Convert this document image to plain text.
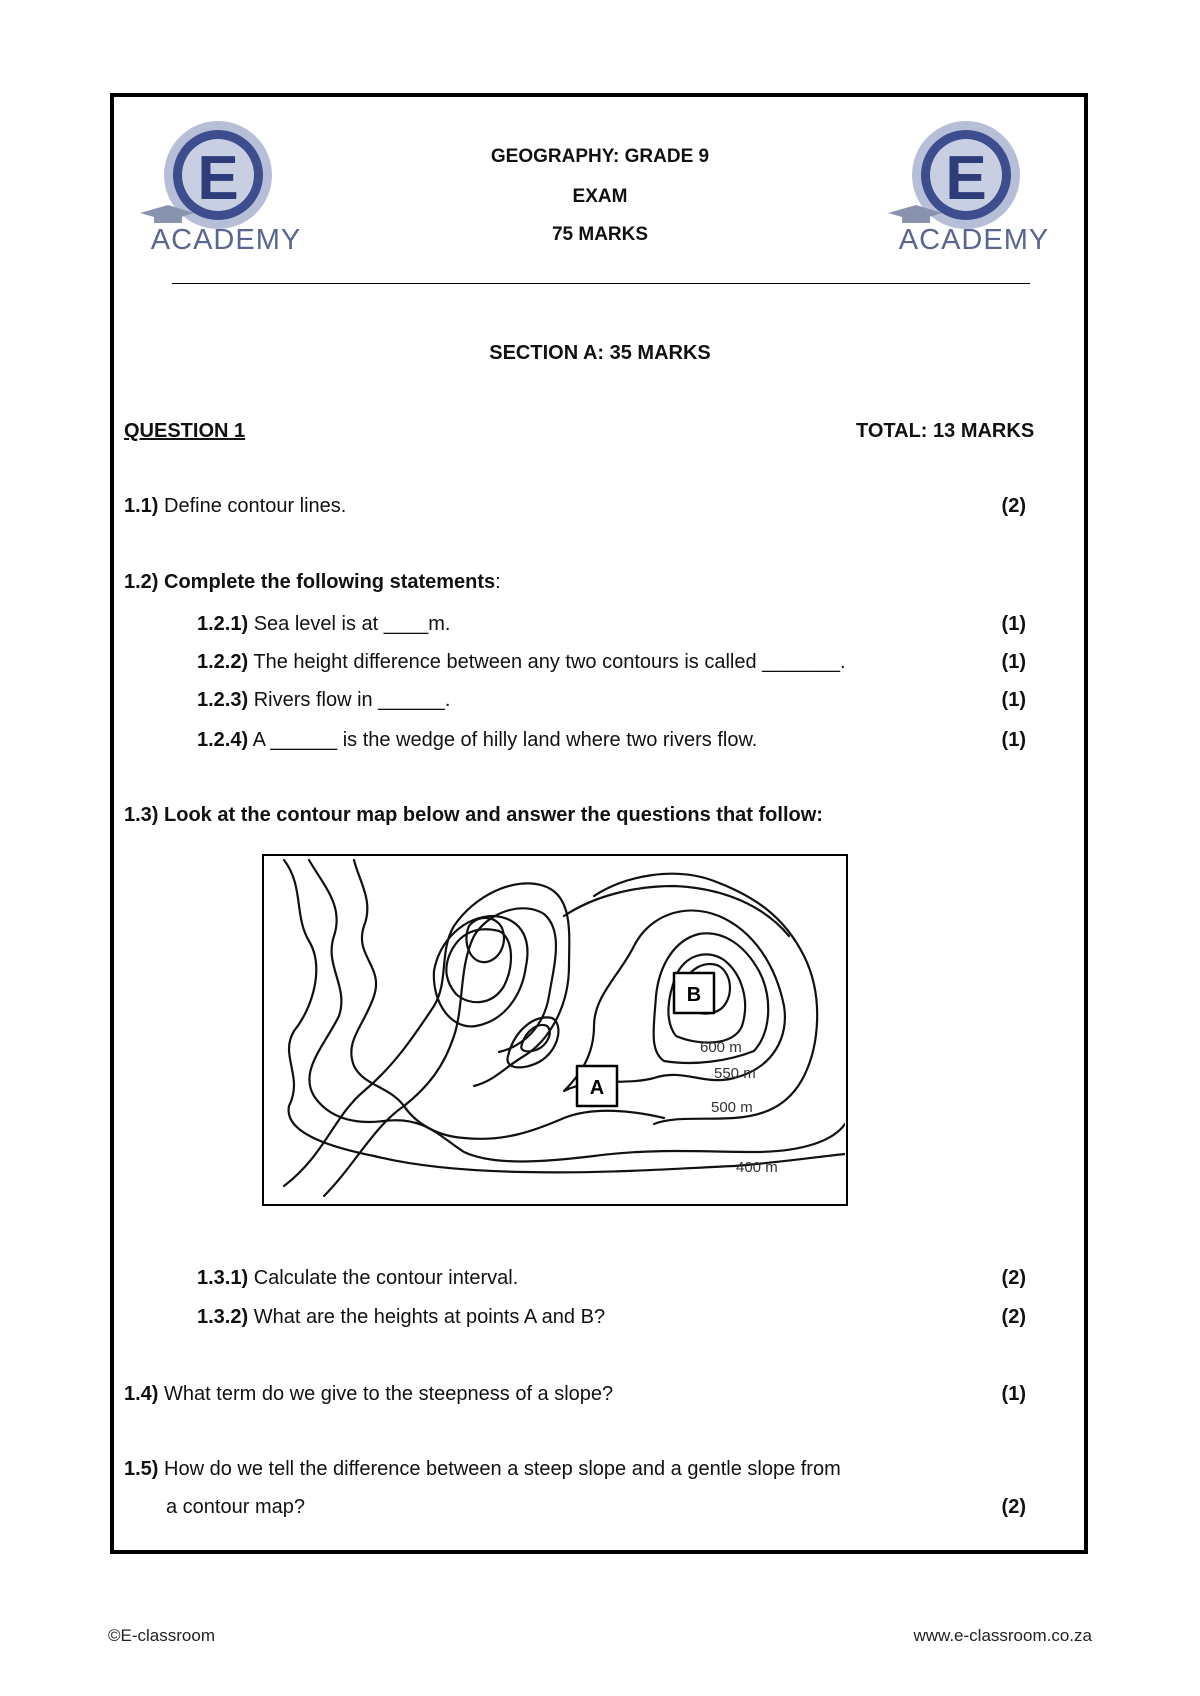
E
ACADEMY
E
ACADEMY
GEOGRAPHY: GRADE 9
EXAM
75 MARKS
SECTION A: 35 MARKS
QUESTION 1	TOTAL: 13 MARKS
1.1) Define contour lines.	(2)
1.2) Complete the following statements:
1.2.1) Sea level is at ____m.	(1)
1.2.2) The height difference between any two contours is called _______.	(1)
1.2.3) Rivers flow in ______.	(1)
1.2.4) A ______ is the wedge of hilly land where two rivers flow.	(1)
1.3) Look at the contour map below and answer the questions that follow:
B
A
600 m
550 m
500 m
400 m
1.3.1) Calculate the contour interval.	(2)
1.3.2) What are the heights at points A and B?	(2)
1.4) What term do we give to the steepness of a slope?	(1)
1.5) How do we tell the difference between a steep slope and a gentle slope from
a contour map?	(2)
©E-classroom	www.e-classroom.co.za
